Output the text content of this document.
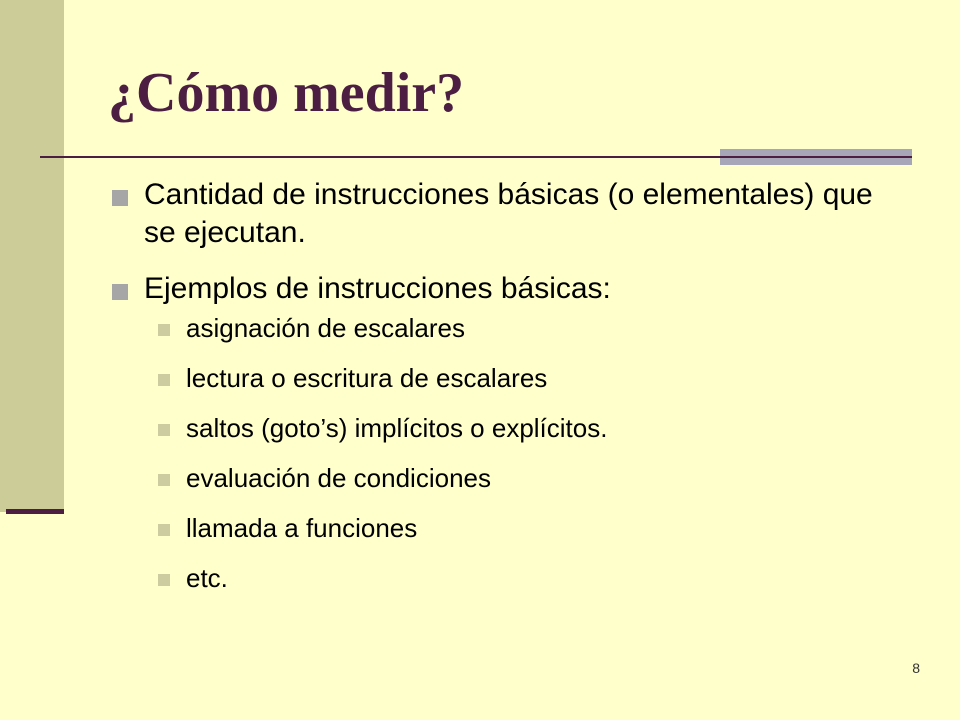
¿Cómo medir?
Cantidad de instrucciones básicas (o elementales) que se ejecutan.
Ejemplos de instrucciones básicas:
asignación de escalares
lectura o escritura de escalares
saltos (goto’s) implícitos o explícitos.
evaluación de condiciones
llamada a funciones
etc.
8
